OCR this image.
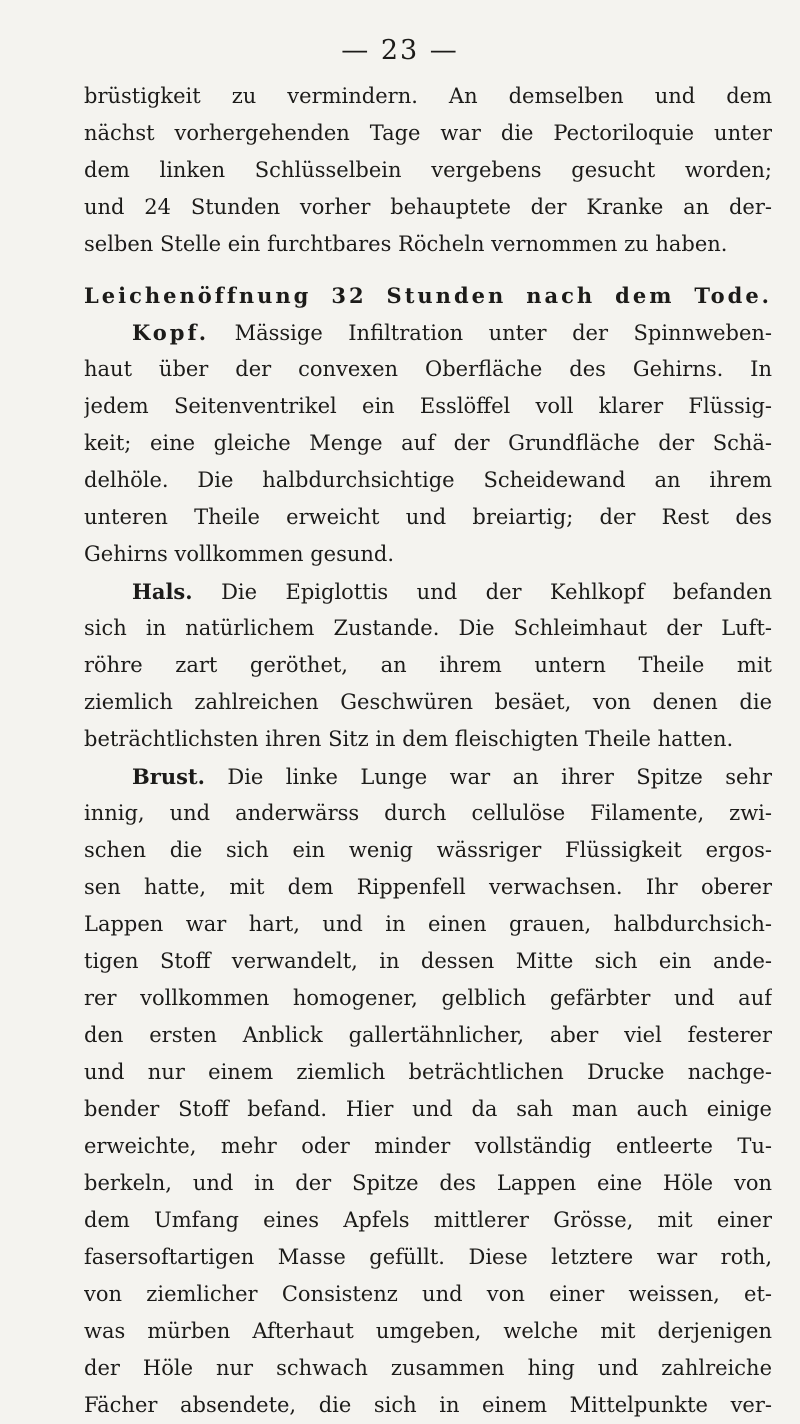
— 23 —
brüstigkeit zu vermindern. An demselben und dem
nächst vorhergehenden Tage war die Pectoriloquie unter
dem linken Schlüsselbein vergebens gesucht worden;
und 24 Stunden vorher behauptete der Kranke an der-
selben Stelle ein furchtbares Röcheln vernommen zu haben.
Leichenöffnung 32 Stunden nach dem Tode.
Kopf. Mässige Infiltration unter der Spinnweben-
haut über der convexen Oberfläche des Gehirns. In
jedem Seitenventrikel ein Esslöffel voll klarer Flüssig-
keit; eine gleiche Menge auf der Grundfläche der Schä-
delhöle. Die halbdurchsichtige Scheidewand an ihrem
unteren Theile erweicht und breiartig; der Rest des
Gehirns vollkommen gesund.
Hals. Die Epiglottis und der Kehlkopf befanden
sich in natürlichem Zustande. Die Schleimhaut der Luft-
röhre zart geröthet, an ihrem untern Theile mit
ziemlich zahlreichen Geschwüren besäet, von denen die
beträchtlichsten ihren Sitz in dem fleischigten Theile hatten.
Brust. Die linke Lunge war an ihrer Spitze sehr
innig, und anderwärss durch cellulöse Filamente, zwi-
schen die sich ein wenig wässriger Flüssigkeit ergos-
sen hatte, mit dem Rippenfell verwachsen. Ihr oberer
Lappen war hart, und in einen grauen, halbdurchsich-
tigen Stoff verwandelt, in dessen Mitte sich ein ande-
rer vollkommen homogener, gelblich gefärbter und auf
den ersten Anblick gallertähnlicher, aber viel festerer
und nur einem ziemlich beträchtlichen Drucke nachge-
bender Stoff befand. Hier und da sah man auch einige
erweichte, mehr oder minder vollständig entleerte Tu-
berkeln, und in der Spitze des Lappen eine Höle von
dem Umfang eines Apfels mittlerer Grösse, mit einer
fasersoftartigen Masse gefüllt. Diese letztere war roth,
von ziemlicher Consistenz und von einer weissen, et-
was mürben Afterhaut umgeben, welche mit derjenigen
der Höle nur schwach zusammen hing und zahlreiche
Fächer absendete, die sich in einem Mittelpunkte ver-
